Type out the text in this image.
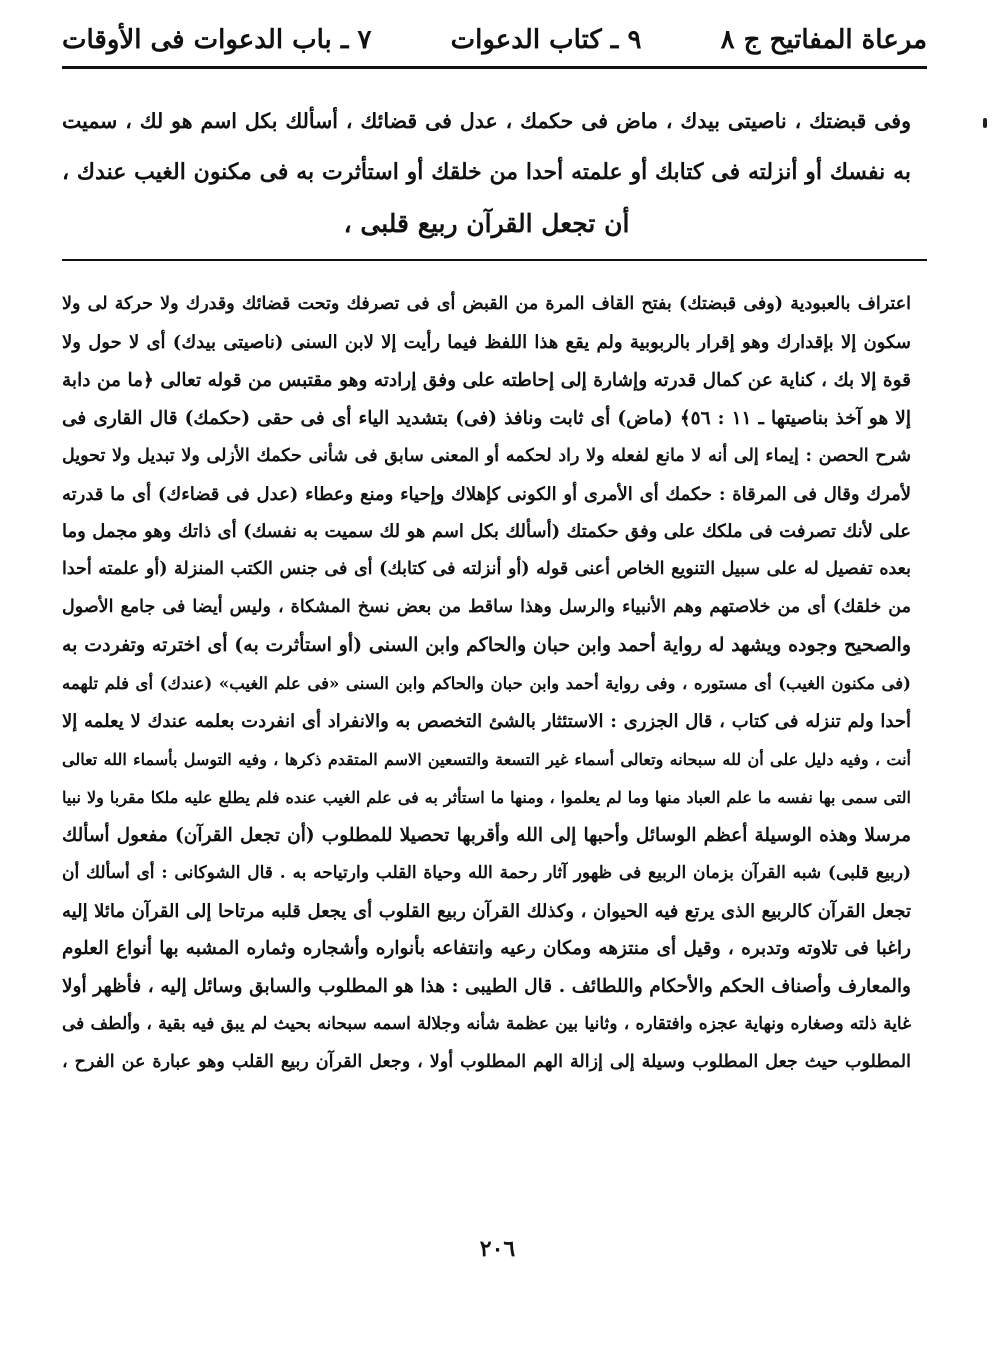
مرعاة المفاتيح ج ٨
٩ ـ كتاب الدعوات
٧ ـ باب الدعوات فى الأوقات
وفى قبضتك ، ناصيتى بيدك ، ماض فى حكمك ، عدل فى قضائك ، أسألك بكل اسم هو لك ، سميت
به نفسك أو أنزلته فى كتابك أو علمته أحدا من خلقك أو استأثرت به فى مكنون الغيب عندك ،
أن تجعل القرآن ربيع قلبى ،
اعتراف بالعبودية (وفى قبضتك) بفتح القاف المرة من القبض أى فى تصرفك وتحت قضائك وقدرك ولا حركة لى ولا
سكون إلا بإقدارك وهو إقرار بالربوبية ولم يقع هذا اللفظ فيما رأيت إلا لابن السنى (ناصيتى بيدك) أى لا حول ولا
قوة إلا بك ، كناية عن كمال قدرته وإشارة إلى إحاطته على وفق إرادته وهو مقتبس من قوله تعالى ﴿ما من دابة
إلا هو آخذ بناصيتها ـ ١١ : ٥٦﴾ (ماض) أى ثابت ونافذ (فى) بتشديد الياء أى فى حقى (حكمك) قال القارى فى
شرح الحصن : إيماء إلى أنه لا مانع لفعله ولا راد لحكمه أو المعنى سابق فى شأنى حكمك الأزلى ولا تبديل ولا تحويل
لأمرك وقال فى المرقاة : حكمك أى الأمرى أو الكونى كإهلاك وإحياء ومنع وعطاء (عدل فى قضاءك) أى ما قدرته
على لأنك تصرفت فى ملكك على وفق حكمتك (أسألك بكل اسم هو لك سميت به نفسك) أى ذاتك وهو مجمل وما
بعده تفصيل له على سبيل التنويع الخاص أعنى قوله (أو أنزلته فى كتابك) أى فى جنس الكتب المنزلة (أو علمته أحدا
من خلقك) أى من خلاصتهم وهم الأنبياء والرسل وهذا ساقط من بعض نسخ المشكاة ، وليس أيضا فى جامع الأصول
والصحيح وجوده ويشهد له رواية أحمد وابن حبان والحاكم وابن السنى (أو استأثرت به) أى اخترته وتفردت به
(فى مكنون الغيب) أى مستوره ، وفى رواية أحمد وابن حبان والحاكم وابن السنى «فى علم الغيب» (عندك) أى فلم تلهمه
أحدا ولم تنزله فى كتاب ، قال الجزرى : الاستئثار بالشئ التخصص به والانفراد أى انفردت بعلمه عندك لا يعلمه إلا
أنت ، وفيه دليل على أن لله سبحانه وتعالى أسماء غير التسعة والتسعين الاسم المتقدم ذكرها ، وفيه التوسل بأسماء الله تعالى
التى سمى بها نفسه ما علم العباد منها وما لم يعلموا ، ومنها ما استأثر به فى علم الغيب عنده فلم يطلع عليه ملكا مقربا ولا نبيا
مرسلا وهذه الوسيلة أعظم الوسائل وأحبها إلى الله وأقربها تحصيلا للمطلوب (أن تجعل القرآن) مفعول أسألك
(ربيع قلبى) شبه القرآن بزمان الربيع فى ظهور آثار رحمة الله وحياة القلب وارتياحه به . قال الشوكانى : أى أسألك أن
تجعل القرآن كالربيع الذى يرتع فيه الحيوان ، وكذلك القرآن ربيع القلوب أى يجعل قلبه مرتاحا إلى القرآن مائلا إليه
راغبا فى تلاوته وتدبره ، وقيل أى منتزهه ومكان رعيه وانتفاعه بأنواره وأشجاره وثماره المشبه بها أنواع العلوم
والمعارف وأصناف الحكم والأحكام واللطائف . قال الطيبى : هذا هو المطلوب والسابق وسائل إليه ، فأظهر أولا
غاية ذلته وصغاره ونهاية عجزه وافتقاره ، وثانيا بين عظمة شأنه وجلالة اسمه سبحانه بحيث لم يبق فيه بقية ، وألطف فى
المطلوب حيث جعل المطلوب وسيلة إلى إزالة الهم المطلوب أولا ، وجعل القرآن ربيع القلب وهو عبارة عن الفرح ،
٢٠٦
